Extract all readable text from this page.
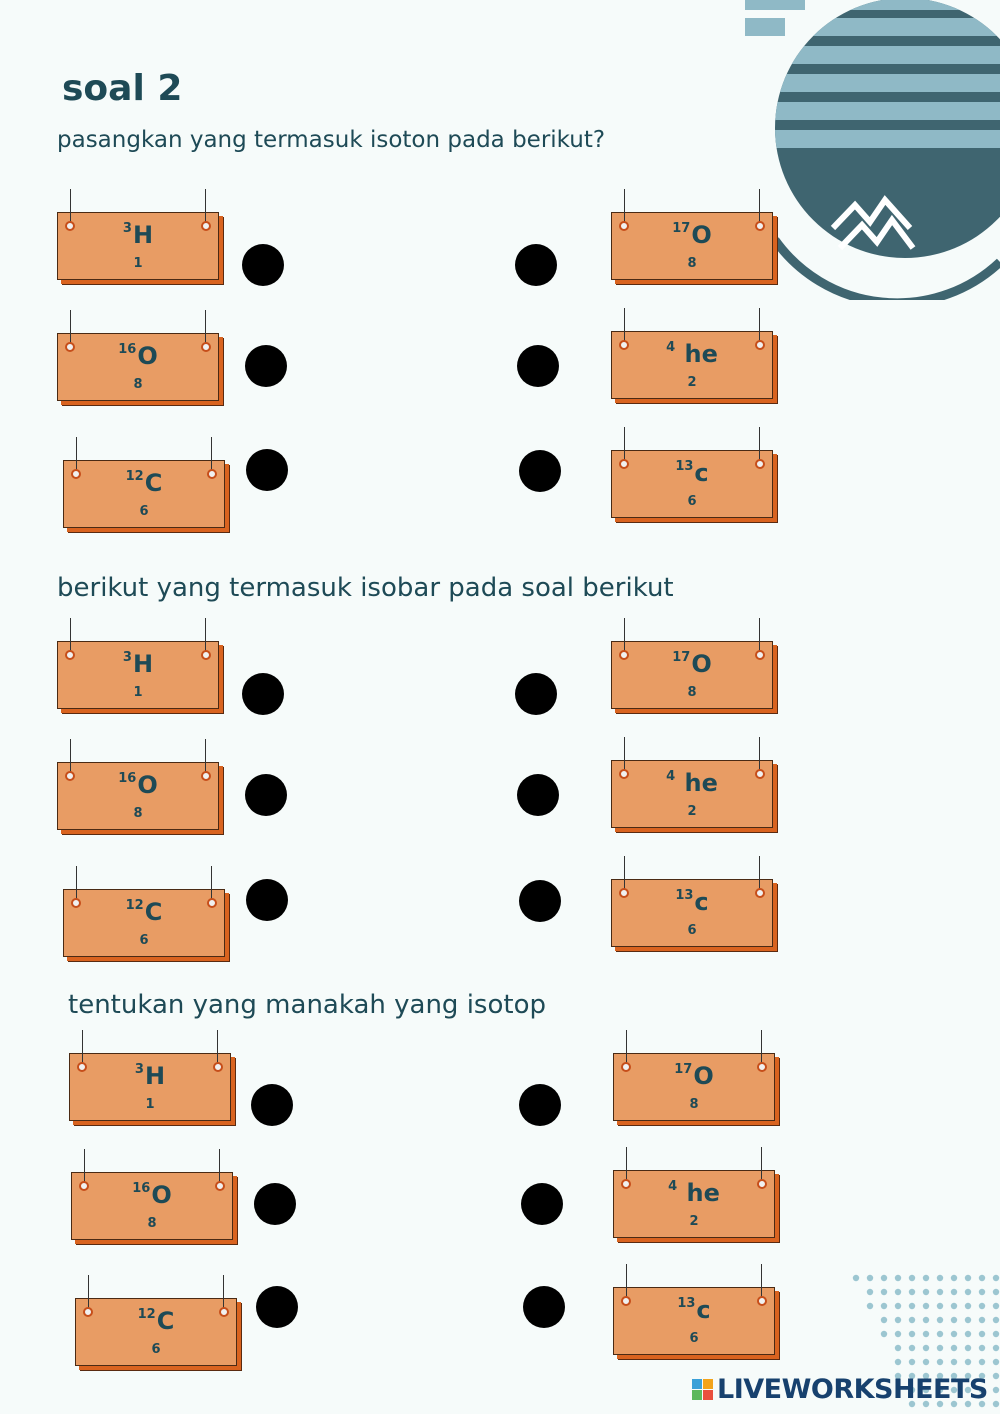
soal 2
pasangkan yang termasuk isoton pada berikut?
berikut yang termasuk isobar pada soal berikut
tentukan yang manakah yang isotop
$^3$H
1
$^{16}$O
8
$^{12}$C
6
$^{17}$O
8
$^4$ he
2
$^{13}$c
6
$^3$H
1
$^{16}$O
8
$^{12}$C
6
$^{17}$O
8
$^4$ he
2
$^{13}$c
6
$^3$H
1
$^{16}$O
8
$^{12}$C
6
$^{17}$O
8
$^4$ he
2
$^{13}$c
6
LIVEWORKSHEETS
